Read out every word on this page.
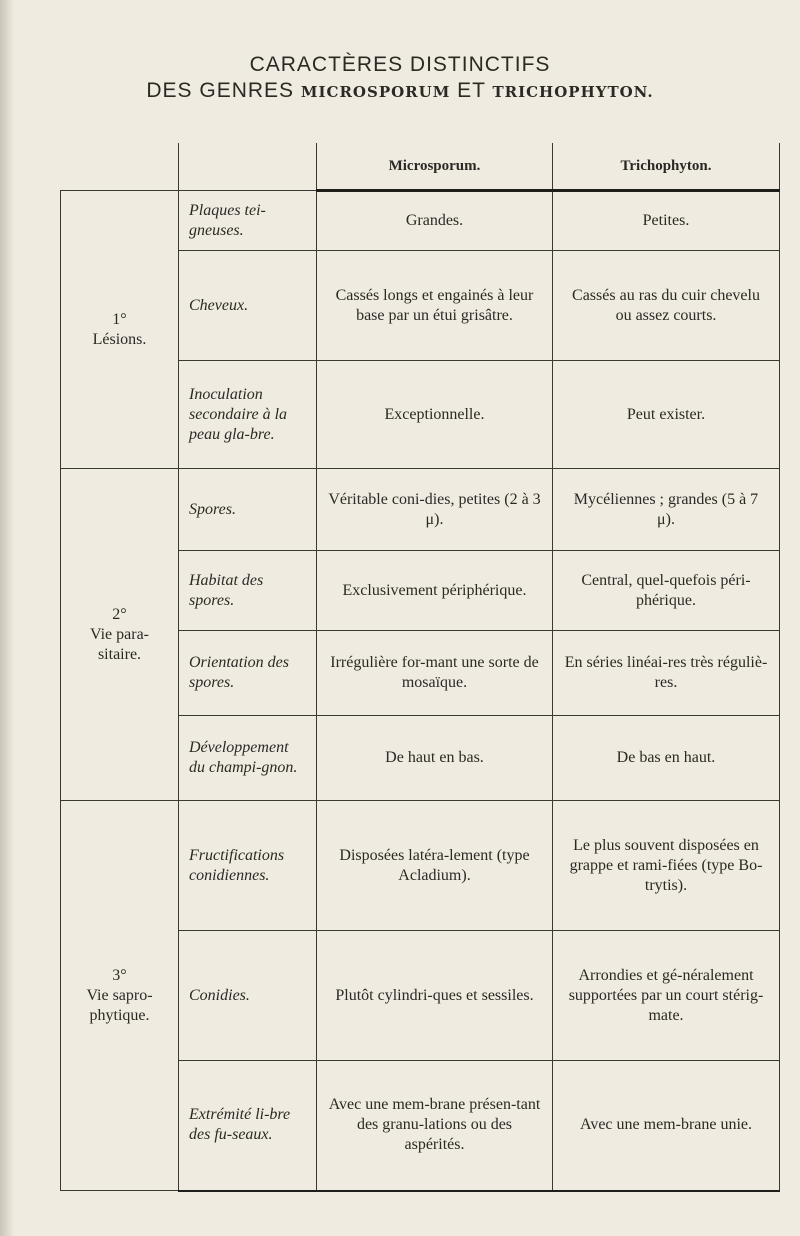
CARACTÈRES DISTINCTIFS
DES GENRES MICROSPORUM ET TRICHOPHYTON.
		Microsporum.	Trichophyton.

1°
Lésions.	Plaques tei-gneuses.	Grandes.	Petites.
	Cheveux.	Cassés longs et engainés à leur base par un étui grisâtre.	Cassés au ras du cuir chevelu ou assez courts.
	Inoculation secondaire à la peau gla-bre.	Exceptionnelle.	Peut exister.

2°
Vie para-sitaire.	Spores.	Véritable coni-dies, petites (2 à 3 μ).	Mycéliennes ; grandes (5 à 7 μ).
	Habitat des spores.	Exclusivement périphérique.	Central, quel-quefois péri-phérique.
	Orientation des spores.	Irrégulière for-mant une sorte de mosaïque.	En séries linéai-res très réguliè-res.
	Développement du champi-gnon.	De haut en bas.	De bas en haut.

3°
Vie sapro-phytique.	Fructifications conidiennes.	Disposées latéra-lement (type Acladium).	Le plus souvent disposées en grappe et rami-fiées (type Bo-trytis).
	Conidies.	Plutôt cylindri-ques et sessiles.	Arrondies et gé-néralement supportées par un court stérig-mate.
	Extrémité li-bre des fu-seaux.	Avec une mem-brane présen-tant des granu-lations ou des aspérités.	Avec une mem-brane unie.
